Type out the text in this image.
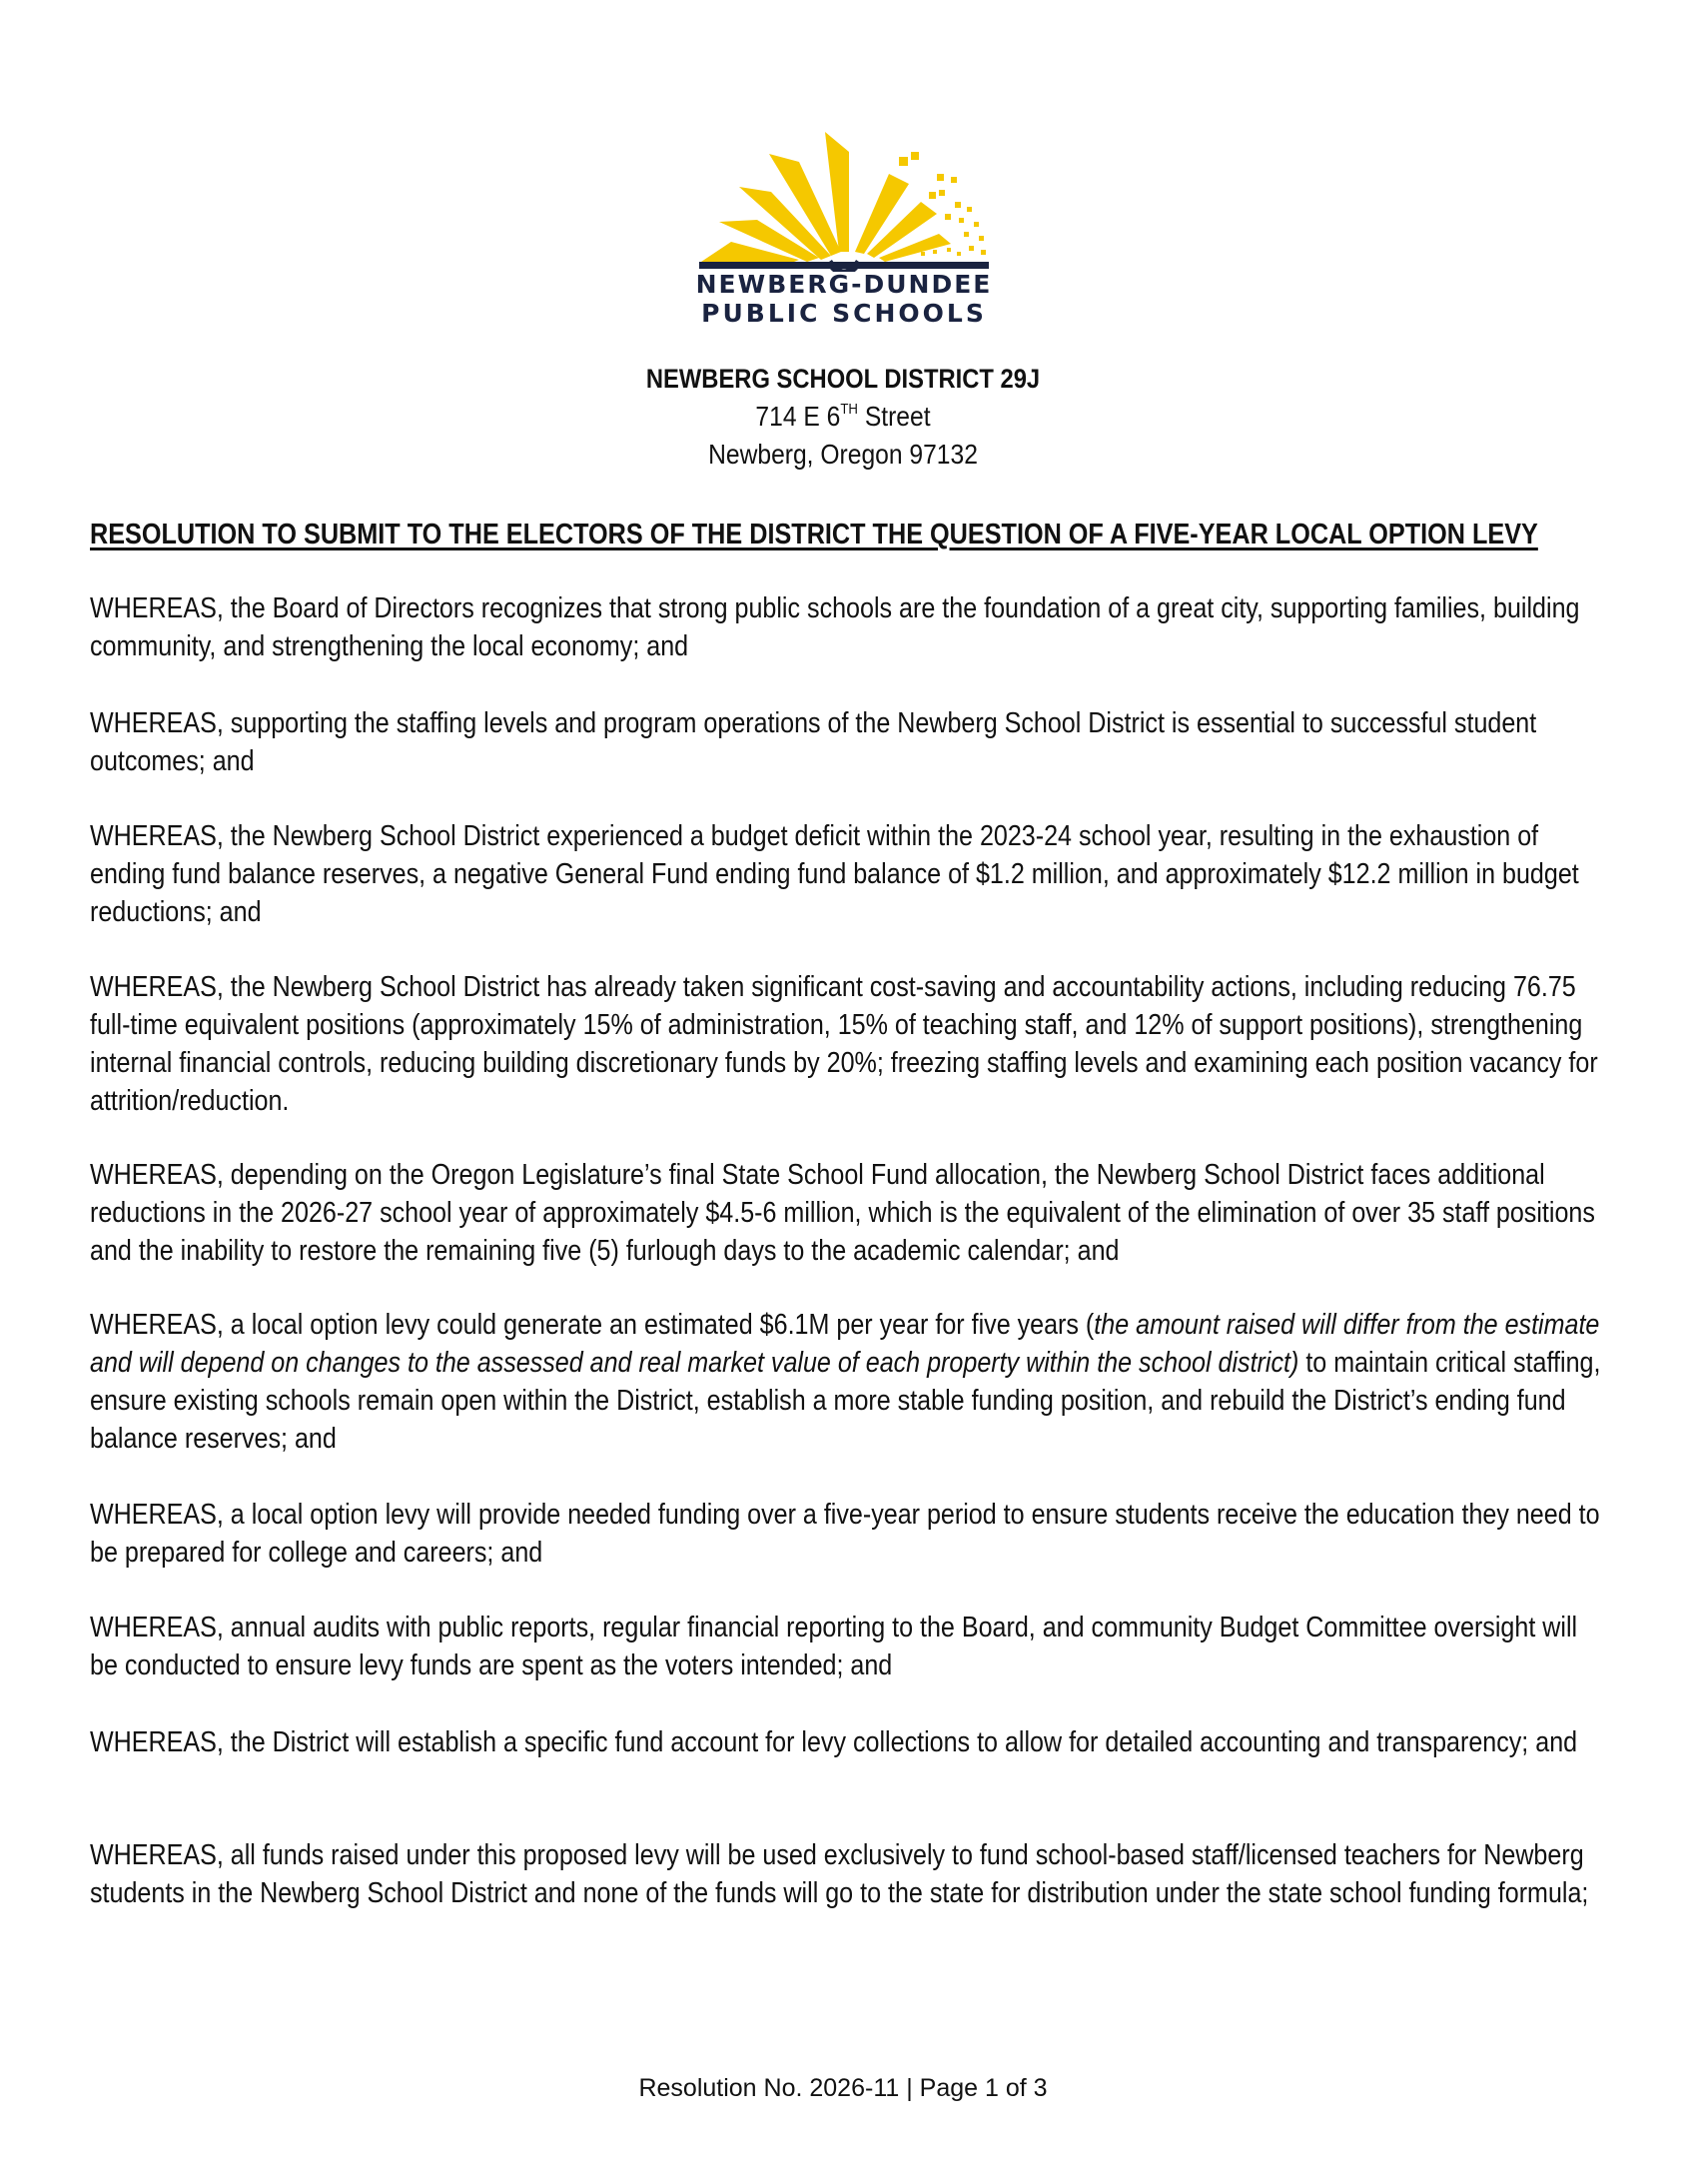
NEWBERG-DUNDEE
PUBLIC SCHOOLS
NEWBERG SCHOOL DISTRICT 29J
714 E 6TH Street
Newberg, Oregon 97132
RESOLUTION TO SUBMIT TO THE ELECTORS OF THE DISTRICT THE QUESTION OF A FIVE-YEAR LOCAL OPTION LEVY

WHEREAS, the Board of Directors recognizes that strong public schools are the foundation of a great city, supporting families, building community, and strengthening the local economy; and

WHEREAS, supporting the staffing levels and program operations of the Newberg School District is essential to successful student outcomes; and

WHEREAS, the Newberg School District experienced a budget deficit within the 2023-24 school year, resulting in the exhaustion of ending fund balance reserves, a negative General Fund ending fund balance of $1.2 million, and approximately $12.2 million in budget reductions; and

WHEREAS, the Newberg School District has already taken significant cost-saving and accountability actions, including reducing 76.75 full-time equivalent positions (approximately 15% of administration, 15% of teaching staff, and 12% of support positions), strengthening internal financial controls, reducing building discretionary funds by 20%; freezing staffing levels and examining each position vacancy for attrition/reduction.

WHEREAS, depending on the Oregon Legislature’s final State School Fund allocation, the Newberg School District faces additional reductions in the 2026-27 school year of approximately $4.5-6 million, which is the equivalent of the elimination of over 35 staff positions and the inability to restore the remaining five (5) furlough days to the academic calendar; and

WHEREAS, a local option levy could generate an estimated $6.1M per year for five years (the amount raised will differ from the estimate and will depend on changes to the assessed and real market value of each property within the school district) to maintain critical staffing, ensure existing schools remain open within the District, establish a more stable funding position, and rebuild the District’s ending fund balance reserves; and

WHEREAS, a local option levy will provide needed funding over a five-year period to ensure students receive the education they need to be prepared for college and careers; and

WHEREAS, annual audits with public reports, regular financial reporting to the Board, and community Budget Committee oversight will be conducted to ensure levy funds are spent as the voters intended; and

WHEREAS, the District will establish a specific fund account for levy collections to allow for detailed accounting and transparency; and

WHEREAS, all funds raised under this proposed levy will be used exclusively to fund school-based staff/licensed teachers for Newberg students in the Newberg School District and none of the funds will go to the state for distribution under the state school funding formula;

Resolution No. 2026-11 | Page 1 of 3
